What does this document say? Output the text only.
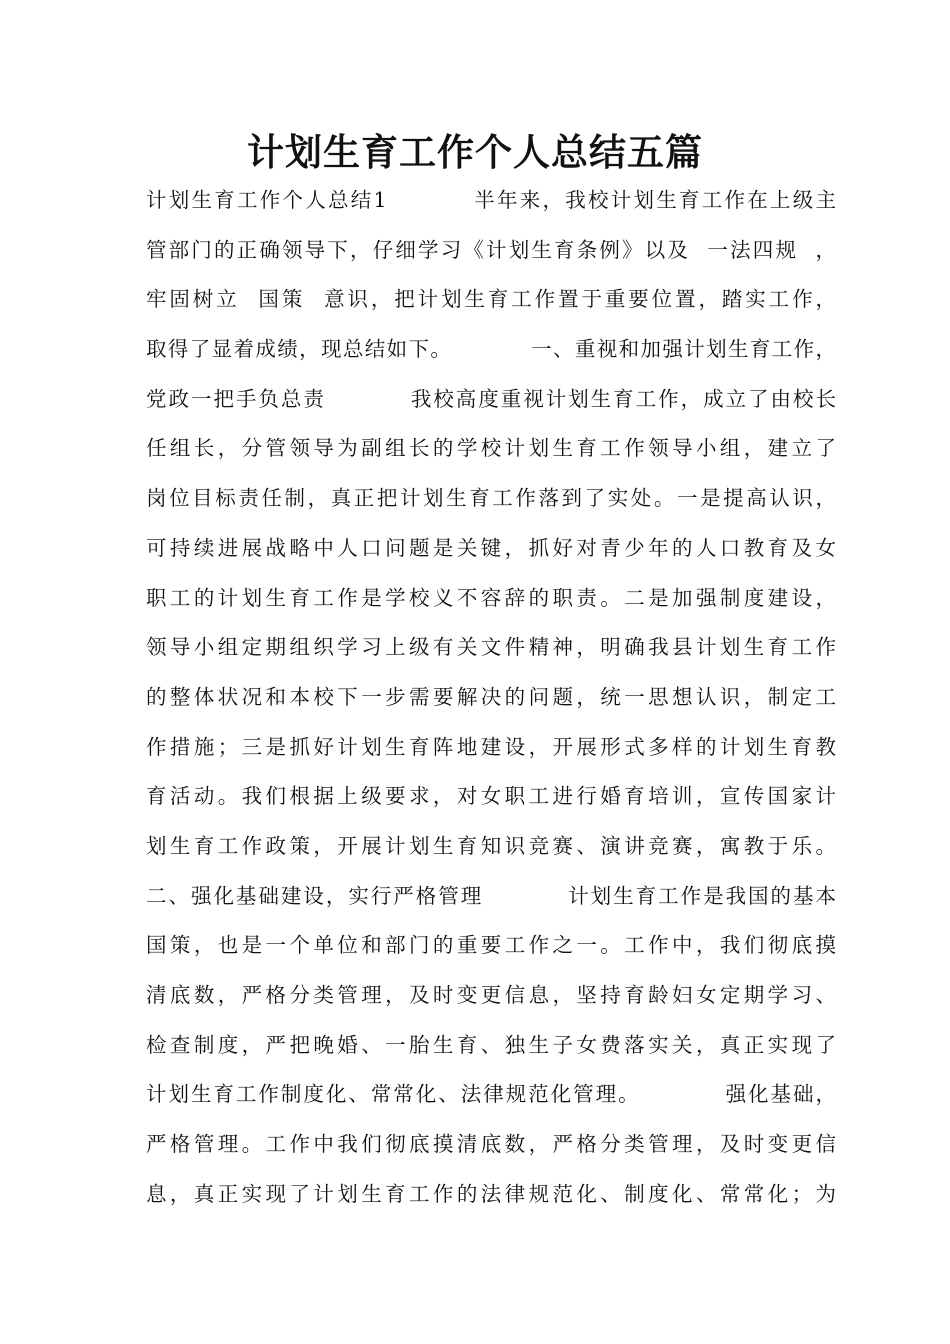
计划生育工作个人总结五篇
计划生育工作个人总结1          半年来，我校计划生育工作在上级主
管部门的正确领导下，仔细学习《计划生育条例》以及  一法四规  ，
牢固树立  国策  意识，把计划生育工作置于重要位置，踏实工作，
取得了显着成绩，现总结如下。          一、重视和加强计划生育工作，
党政一把手负总责          我校高度重视计划生育工作，成立了由校长
任组长，分管领导为副组长的学校计划生育工作领导小组，建立了
岗位目标责任制，真正把计划生育工作落到了实处。一是提高认识，
可持续进展战略中人口问题是关键，抓好对青少年的人口教育及女
职工的计划生育工作是学校义不容辞的职责。二是加强制度建设，
领导小组定期组织学习上级有关文件精神，明确我县计划生育工作
的整体状况和本校下一步需要解决的问题，统一思想认识，制定工
作措施；三是抓好计划生育阵地建设，开展形式多样的计划生育教
育活动。我们根据上级要求，对女职工进行婚育培训，宣传国家计
划生育工作政策，开展计划生育知识竞赛、演讲竞赛，寓教于乐。
二、强化基础建设，实行严格管理          计划生育工作是我国的基本
国策，也是一个单位和部门的重要工作之一。工作中，我们彻底摸
清底数，严格分类管理，及时变更信息，坚持育龄妇女定期学习、
检查制度，严把晚婚、一胎生育、独生子女费落实关，真正实现了
计划生育工作制度化、常常化、法律规范化管理。          强化基础，
严格管理。工作中我们彻底摸清底数，严格分类管理，及时变更信
息，真正实现了计划生育工作的法律规范化、制度化、常常化；为
